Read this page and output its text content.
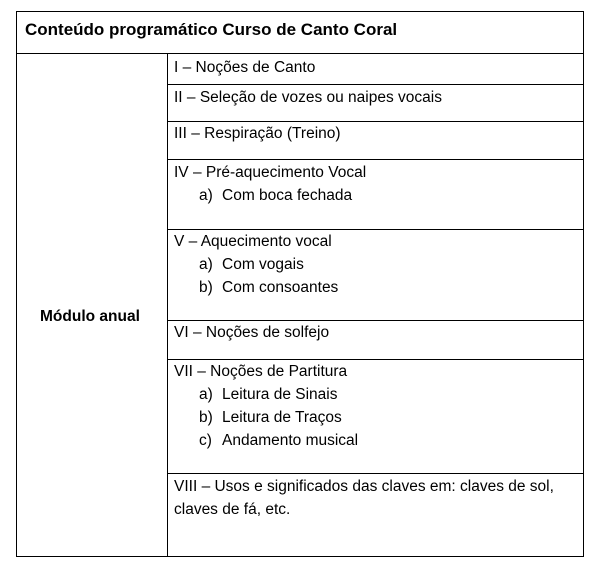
Conteúdo programático Curso de Canto Coral
Módulo anual
I – Noções de Canto
II – Seleção de vozes ou naipes vocais
III – Respiração (Treino)
IV – Pré-aquecimento Vocal
a) Com boca fechada
V – Aquecimento vocal
a) Com vogais
b) Com consoantes
VI – Noções de solfejo
VII – Noções de Partitura
a) Leitura de Sinais
b) Leitura de Traços
c) Andamento musical
VIII – Usos e significados das claves em: claves de sol, claves de fá, etc.
